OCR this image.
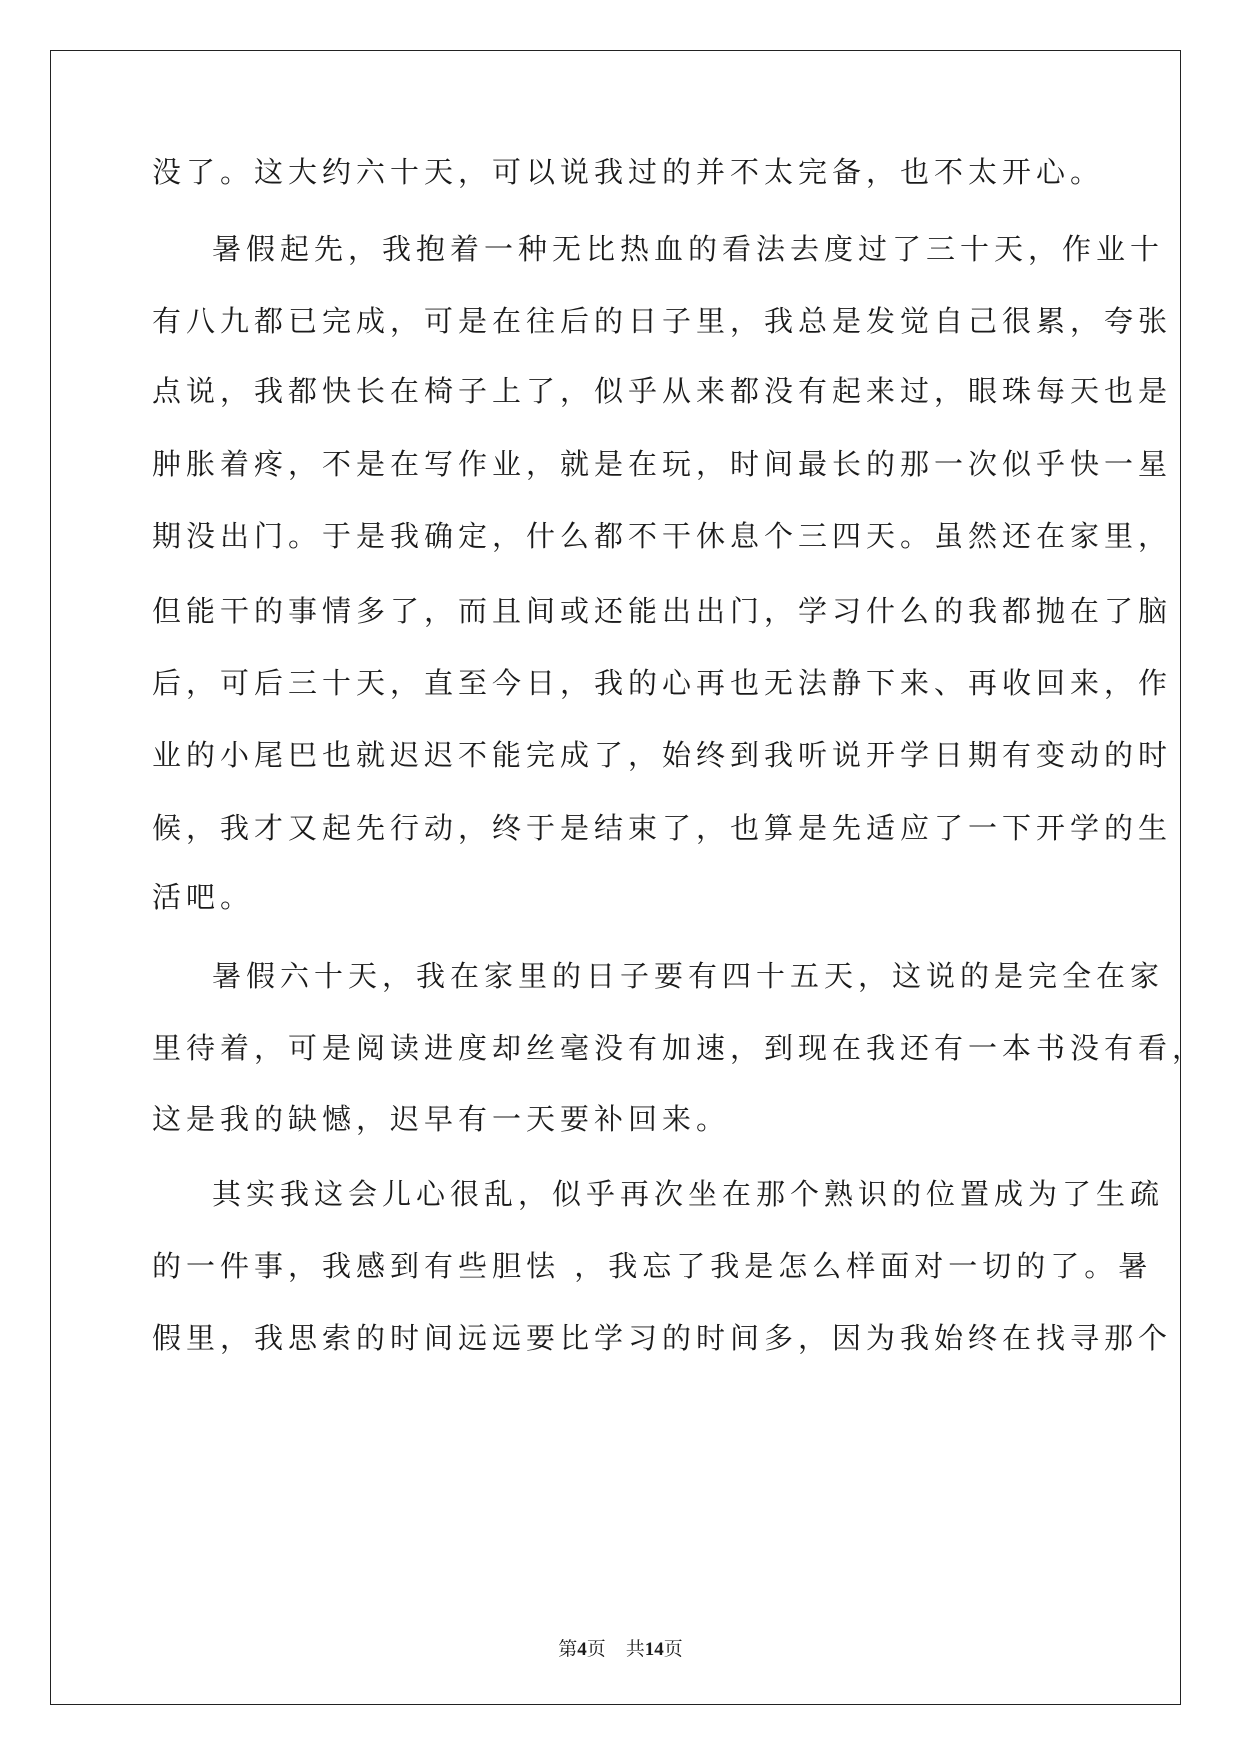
没了。这大约六十天，可以说我过的并不太完备，也不太开心。
暑假起先，我抱着一种无比热血的看法去度过了三十天，作业十
有八九都已完成，可是在往后的日子里，我总是发觉自己很累，夸张
点说，我都快长在椅子上了，似乎从来都没有起来过，眼珠每天也是
肿胀着疼，不是在写作业，就是在玩，时间最长的那一次似乎快一星
期没出门。于是我确定，什么都不干休息个三四天。虽然还在家里，
但能干的事情多了，而且间或还能出出门，学习什么的我都抛在了脑
后，可后三十天，直至今日，我的心再也无法静下来、再收回来，作
业的小尾巴也就迟迟不能完成了，始终到我听说开学日期有变动的时
候，我才又起先行动，终于是结束了，也算是先适应了一下开学的生
活吧。
暑假六十天，我在家里的日子要有四十五天，这说的是完全在家
里待着，可是阅读进度却丝毫没有加速，到现在我还有一本书没有看，
这是我的缺憾，迟早有一天要补回来。
其实我这会儿心很乱，似乎再次坐在那个熟识的位置成为了生疏
的一件事，我感到有些胆怯 ，我忘了我是怎么样面对一切的了。暑
假里，我思索的时间远远要比学习的时间多，因为我始终在找寻那个
第4页 共14页
